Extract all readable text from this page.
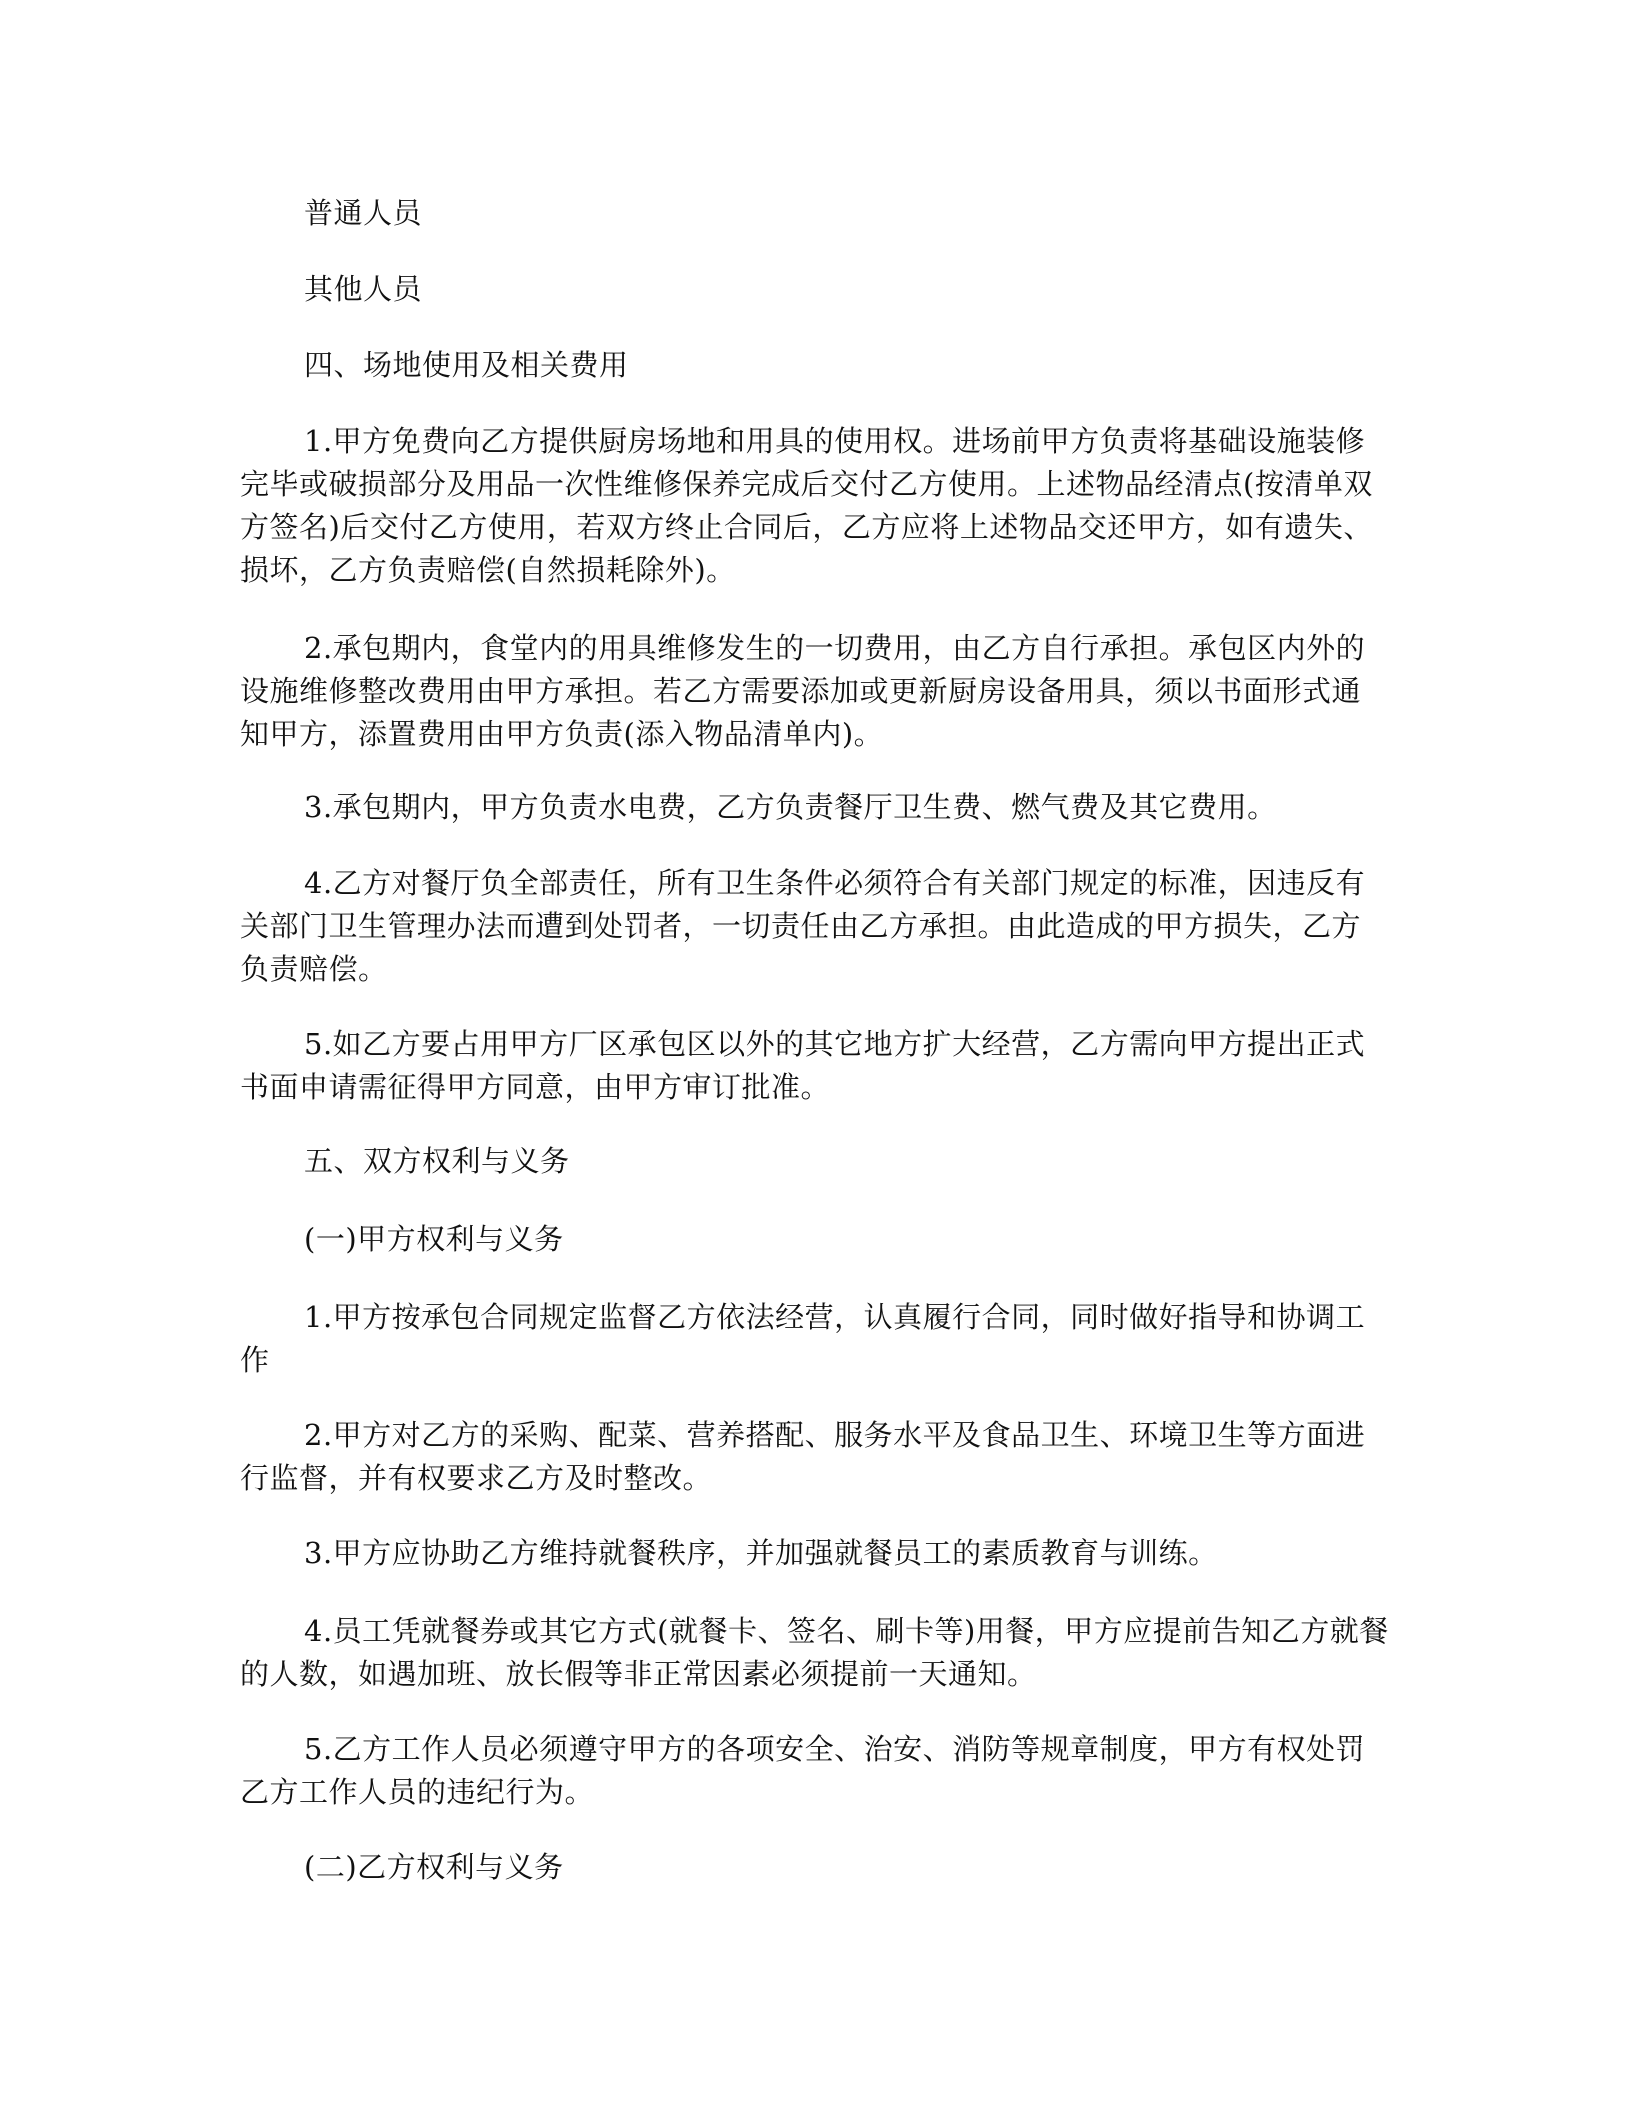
普通人员

其他人员

四、场地使用及相关费用

1.甲方免费向乙方提供厨房场地和用具的使用权。进场前甲方负责将基础设施装修完毕或破损部分及用品一次性维修保养完成后交付乙方使用。上述物品经清点(按清单双方签名)后交付乙方使用，若双方终止合同后，乙方应将上述物品交还甲方，如有遗失、损坏，乙方负责赔偿(自然损耗除外)。

2.承包期内，食堂内的用具维修发生的一切费用，由乙方自行承担。承包区内外的设施维修整改费用由甲方承担。若乙方需要添加或更新厨房设备用具，须以书面形式通知甲方，添置费用由甲方负责(添入物品清单内)。

3.承包期内，甲方负责水电费，乙方负责餐厅卫生费、燃气费及其它费用。

4.乙方对餐厅负全部责任，所有卫生条件必须符合有关部门规定的标准，因违反有关部门卫生管理办法而遭到处罚者，一切责任由乙方承担。由此造成的甲方损失，乙方负责赔偿。

5.如乙方要占用甲方厂区承包区以外的其它地方扩大经营，乙方需向甲方提出正式书面申请需征得甲方同意，由甲方审订批准。

五、双方权利与义务

(一)甲方权利与义务

1.甲方按承包合同规定监督乙方依法经营，认真履行合同，同时做好指导和协调工作

2.甲方对乙方的采购、配菜、营养搭配、服务水平及食品卫生、环境卫生等方面进行监督，并有权要求乙方及时整改。

3.甲方应协助乙方维持就餐秩序，并加强就餐员工的素质教育与训练。

4.员工凭就餐券或其它方式(就餐卡、签名、刷卡等)用餐，甲方应提前告知乙方就餐的人数，如遇加班、放长假等非正常因素必须提前一天通知。

5.乙方工作人员必须遵守甲方的各项安全、治安、消防等规章制度，甲方有权处罚乙方工作人员的违纪行为。

(二)乙方权利与义务
